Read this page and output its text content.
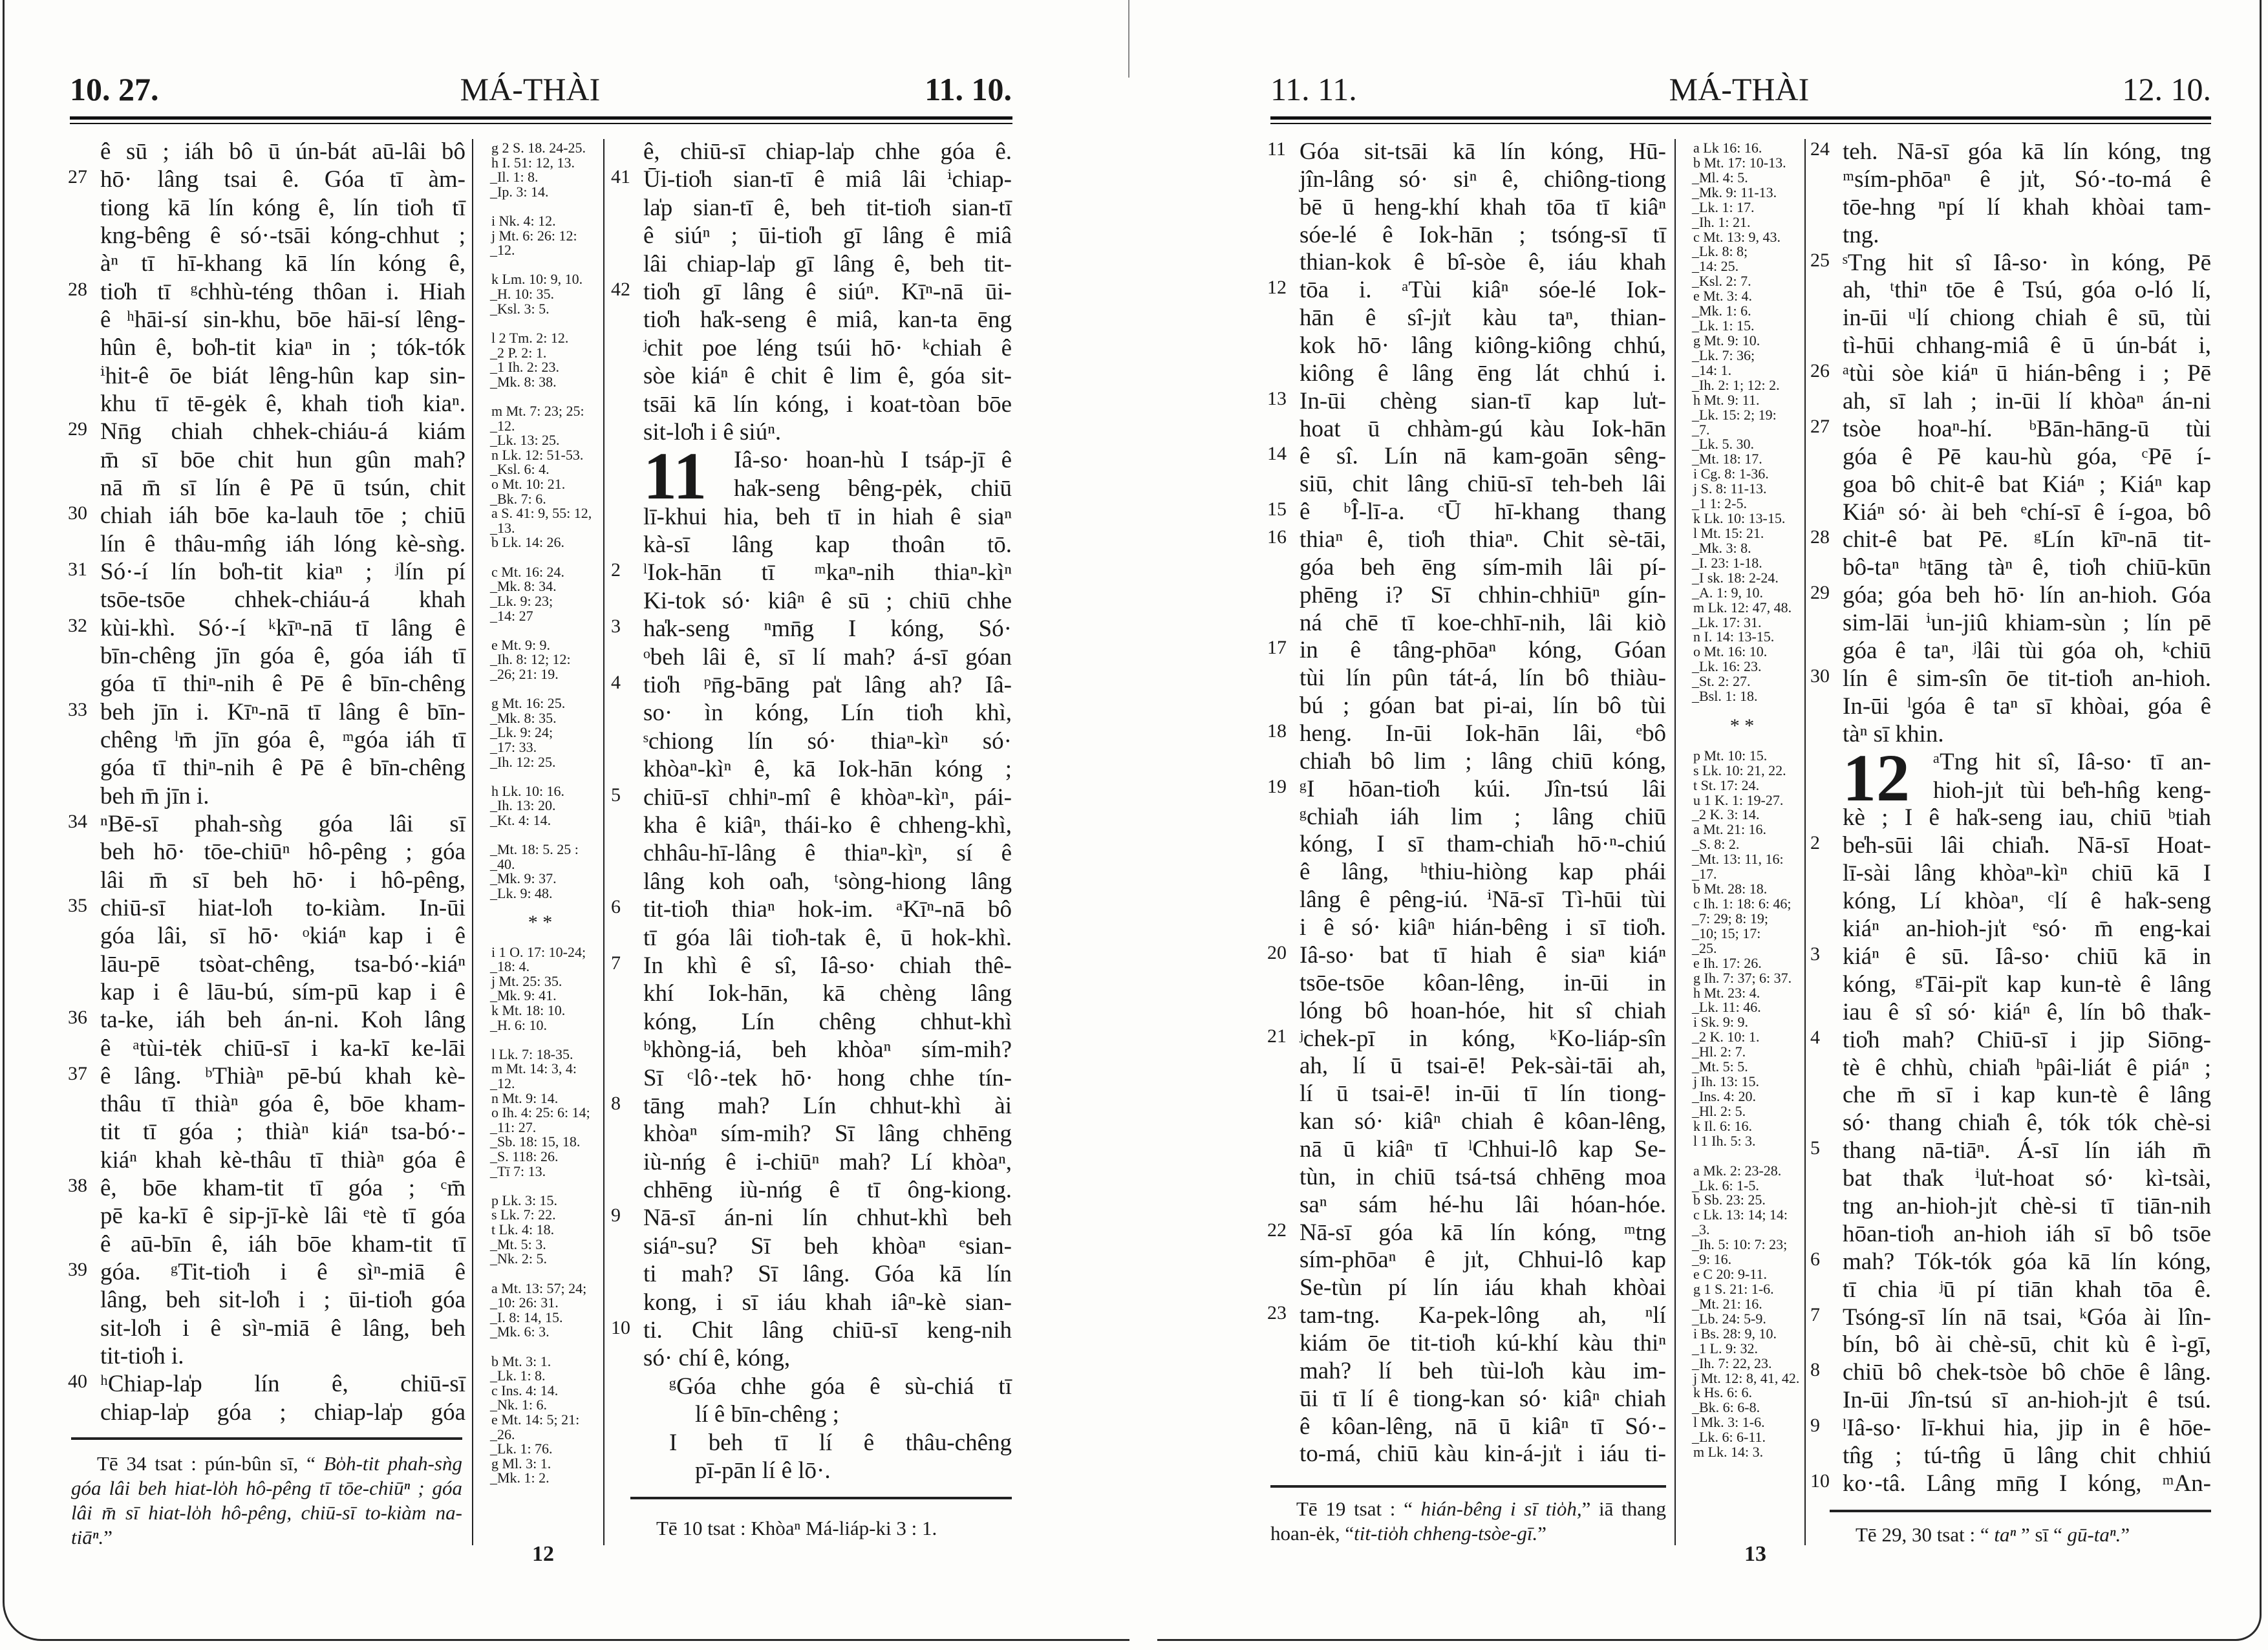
10. 27.	MÁ-THÀI	11. 10.
ê sū ; iáh bô ū ún-bát aū-lâi bô
27 hō· lâng tsai ê. Góa tī àm-
tiong kā lín kóng ê, lín tio̍h tī
kng-bêng ê só·-tsāi kóng-chhut ;
àⁿ tī hī-khang kā lín kóng ê,
28 tio̍h tī ᵍchhù-téng thôan i. Hiah
ê ʰhāi-sí sin-khu, bōe hāi-sí lêng-
hûn ê, bo̍h-tit kiaⁿ in ; tók-tók
ⁱhit-ê ōe biát lêng-hûn kap sin-
khu tī tē-gėk ê, khah tio̍h kiaⁿ.
29 Nn̄g chiah chhek-chiáu-á kiám
m̄ sī bōe chit hun gûn mah?
nā m̄ sī lín ê Pē ū tsún, chit
30 chiah iáh bōe ka-lauh tōe ; chiū
lín ê thâu-mn̂g iáh lóng kè-sǹg.
31 Só·-í lín bo̍h-tit kiaⁿ ; ʲlín pí
tsōe-tsōe chhek-chiáu-á khah
32 kùi-khì. Só·-í ᵏkīⁿ-nā tī lâng ê
bīn-chêng jīn góa ê, góa iáh tī
góa tī thiⁿ-nih ê Pē ê bīn-chêng
33 beh jīn i. Kīⁿ-nā tī lâng ê bīn-
chêng ˡm̄ jīn góa ê, ᵐgóa iáh tī
góa tī thiⁿ-nih ê Pē ê bīn-chêng
beh m̄ jīn i.
34 ⁿBē-sī phah-sǹg góa lâi sī
beh hō· tōe-chiūⁿ hô-pêng ; góa
lâi m̄ sī beh hō· i hô-pêng,
35 chiū-sī hiat-lo̍h to-kiàm. In-ūi
góa lâi, sī hō· ᵒkiáⁿ kap i ê
lāu-pē tsòat-chêng, tsa-bó·-kiáⁿ
kap i ê lāu-bú, sím-pū kap i ê
36 ta-ke, iáh beh án-ni. Koh lâng
ê ᵃtùi-tėk chiū-sī i ka-kī ke-lāi
37 ê lâng. ᵇThiàⁿ pē-bú khah kè-
thâu tī thiàⁿ góa ê, bōe kham-
tit tī góa ; thiàⁿ kiáⁿ tsa-bó·-
kiáⁿ khah kè-thâu tī thiàⁿ góa ê
38 ê, bōe kham-tit tī góa ; ᶜm̄
pē ka-kī ê sip-jī-kè lâi ᵉtè tī góa
ê aū-bīn ê, iáh bōe kham-tit tī
39 góa. ᵍTit-tio̍h i ê sìⁿ-miā ê
lâng, beh sit-lo̍h i ; ūi-tio̍h góa
sit-lo̍h i ê sìⁿ-miā ê lâng, beh
tit-tio̍h i.
40 ʰChiap-la̍p lín ê, chiū-sī
chiap-la̍p góa ; chiap-la̍p góa
g 2 S. 18. 24-25.
h I. 51: 12, 13.
_Il. 1: 8.
_Ip. 3: 14.

i Nk. 4: 12.
j Mt. 6: 26: 12:
_12.

k Lm. 10: 9, 10.
_H. 10: 35.
_Ksl. 3: 5.

l 2 Tm. 2: 12.
_2 P. 2: 1.
_1 Ih. 2: 23.
_Mk. 8: 38.

m Mt. 7: 23; 25:
_12.
_Lk. 13: 25.
n Lk. 12: 51-53.
_Ksl. 6: 4.
o Mt. 10: 21.
_Bk. 7: 6.
a S. 41: 9, 55: 12,
_13.
b Lk. 14: 26.

c Mt. 16: 24.
_Mk. 8: 34.
_Lk. 9: 23;
_14: 27

e Mt. 9: 9.
_Ih. 8: 12; 12:
_26; 21: 19.

g Mt. 16: 25.
_Mk. 8: 35.
_Lk. 9: 24;
_17: 33.
_Ih. 12: 25.

h Lk. 10: 16.
_Ih. 13: 20.
_Kt. 4: 14.

_Mt. 18: 5. 25 :
_40.
_Mk. 9: 37.
_Lk. 9: 48.

* *

i 1 O. 17: 10-24;
_18: 4.
j Mt. 25: 35.
_Mk. 9: 41.
k Mt. 18: 10.
_H. 6: 10.

l Lk. 7: 18-35.
m Mt. 14: 3, 4:
_12.
n Mt. 9: 14.
o Ih. 4: 25: 6: 14;
_11: 27.
_Sb. 18: 15, 18.
_S. 118: 26.
_Tī 7: 13.

p Lk. 3: 15.
s Lk. 7: 22.
t Lk. 4: 18.
_Mt. 5: 3.
_Nk. 2: 5.

a Mt. 13: 57; 24;
_10: 26: 31.
_I. 8: 14, 15.
_Mk. 6: 3.

b Mt. 3: 1.
_Lk. 1: 8.
c Ins. 4: 14.
_Nk. 1: 6.
e Mt. 14: 5; 21:
_26.
_Lk. 1: 76.
g Ml. 3: 1.
_Mk. 1: 2.
ê, chiū-sī chiap-la̍p chhe góa ê.
41 Ūi-tio̍h sian-tī ê miâ lâi ⁱchiap-
la̍p sian-tī ê, beh tit-tio̍h sian-tī
ê siúⁿ ; ūi-tio̍h gī lâng ê miâ
lâi chiap-la̍p gī lâng ê, beh tit-
42 tio̍h gī lâng ê siúⁿ. Kīⁿ-nā ūi-
tio̍h ha̍k-seng ê miâ, kan-ta ēng
ʲchit poe léng tsúi hō· ᵏchiah ê
sòe kiáⁿ ê chit ê lim ê, góa sit-
tsāi kā lín kóng, i koat-tòan bōe
sit-lo̍h i ê siúⁿ.
11 Iâ-so· hoan-hù I tsáp-jī ê
ha̍k-seng bêng-pėk, chiū
lī-khui hia, beh tī in hiah ê siaⁿ
kà-sī lâng kap thoân tō.
2 ˡIok-hān tī ᵐkaⁿ-nih thiaⁿ-kìⁿ
Ki-tok só· kiâⁿ ê sū ; chiū chhe
3 ha̍k-seng ⁿmn̄g I kóng, Só·
ᵒbeh lâi ê, sī lí mah? á-sī góan
4 tio̍h ᵖn̄g-bāng pa̍t lâng ah? Iâ-
so· ìn kóng, Lín tio̍h khì,
ˢchiong lín só· thiaⁿ-kìⁿ só·
khòaⁿ-kìⁿ ê, kā Iok-hān kóng ;
5 chiū-sī chhiⁿ-mî ê khòaⁿ-kìⁿ, pái-
kha ê kiâⁿ, thái-ko ê chheng-khì,
chhâu-hī-lâng ê thiaⁿ-kìⁿ, sí ê
lâng koh oa̍h, ᵗsòng-hiong lâng
6 tit-tio̍h thiaⁿ hok-im. ᵃKīⁿ-nā bô
tī góa lâi tio̍h-tak ê, ū hok-khì.
7 In khì ê sî, Iâ-so· chiah thê-
khí Iok-hān, kā chèng lâng
kóng, Lín chêng chhut-khì
ᵇkhòng-iá, beh khòaⁿ sím-mih?
Sī ᶜlô·-tek hō· hong chhe tín-
8 tāng mah? Lín chhut-khì ài
khòaⁿ sím-mih? Sī lâng chhēng
iù-nńg ê i-chiūⁿ mah? Lí khòaⁿ,
chhēng iù-nńg ê tī ông-kiong.
9 Nā-sī án-ni lín chhut-khì beh
siáⁿ-su? Sī beh khòaⁿ ᵉsian-
ti mah? Sī lâng. Góa kā lín
kong, i sī iáu khah iâⁿ-kè sian-
10 ti. Chit lâng chiū-sī keng-nih
só· chí ê, kóng,
ᵍGóa chhe góa ê sù-chiá tī
lí ê bīn-chêng ;
I beh tī lí ê thâu-chêng
pī-pān lí ê lō·.
Tē 34 tsat : pún-bûn sī, “ Bo̍h-tit phah-sǹg góa lâi beh hiat-lo̍h hô-pêng tī tōe-chiūⁿ ; góa lâi m̄ sī hiat-lo̍h hô-pêng, chiū-sī to-kiàm na-tiāⁿ.”	Tē 10 tsat : Khòaⁿ Má-liáp-ki 3 : 1.
12
11. 11.	MÁ-THÀI	12. 10.
11 Góa sit-tsāi kā lín kóng, Hū-
jîn-lâng só· siⁿ ê, chiông-tiong
bē ū heng-khí khah tōa tī kiâⁿ
sóe-lé ê Iok-hān ; tsóng-sī tī
thian-kok ê bî-sòe ê, iáu khah
12 tōa i. ᵃTùi kiâⁿ sóe-lé Iok-
hān ê sî-jı̍t kàu taⁿ, thian-
kok hō· lâng kiông-kiông chhú,
kiông ê lâng ēng lát chhú i.
13 In-ūi chèng sian-tī kap lu̍t-
hoat ū chhàm-gú kàu Iok-hān
14 ê sî. Lín nā kam-goān sêng-
siū, chit lâng chiū-sī teh-beh lâi
15 ê ᵇÎ-lī-a. ᶜŪ hī-khang thang
16 thiaⁿ ê, tio̍h thiaⁿ. Chit sè-tāi,
góa beh ēng sím-mih lâi pí-
phēng i? Sī chhin-chhiūⁿ gín-
ná chē tī koe-chhī-nih, lâi kiò
17 in ê tâng-phōaⁿ kóng, Góan
tùi lín pûn tát-á, lín bô thiàu-
bú ; góan bat pi-ai, lín bô tùi
18 heng. In-ūi Iok-hān lâi, ᵉbô
chia̍h bô lim ; lâng chiū kóng,
19 ᵍI hōan-tio̍h kúi. Jîn-tsú lâi
ᵍchia̍h iáh lim ; lâng chiū
kóng, I sī tham-chia̍h hō·ⁿ-chiú
ê lâng, ʰthiu-hiòng kap phái
lâng ê pêng-iú. ⁱNā-sī Tì-hūi tùi
i ê só· kiâⁿ hián-bêng i sī tio̍h.
20 Iâ-so· bat tī hiah ê siaⁿ kiáⁿ
tsōe-tsōe kôan-lêng, in-ūi in
lóng bô hoan-hóe, hit sî chiah
21 ʲchek-pī in kóng, ᵏKo-liáp-sîn
ah, lí ū tsai-ē! Pek-sài-tāi ah,
lí ū tsai-ē! in-ūi tī lín tiong-
kan só· kiâⁿ chiah ê kôan-lêng,
nā ū kiâⁿ tī ˡChhui-lô kap Se-
tùn, in chiū tsá-tsá chhēng moa
saⁿ sám hé-hu lâi hóan-hóe.
22 Nā-sī góa kā lín kóng, ᵐtng
sím-phōaⁿ ê jı̍t, Chhui-lô kap
Se-tùn pí lín iáu khah khòai
23 tam-tng. Ka-pek-lông ah, ⁿlí
kiám ōe tit-tio̍h kú-khí kàu thiⁿ
mah? lí beh tùi-lo̍h kàu im-
ūi tī lí ê tiong-kan só· kiâⁿ chiah
ê kôan-lêng, nā ū kiâⁿ tī Só·-
to-má, chiū kàu kin-á-jı̍t i iáu ti-
a Lk 16: 16.
b Mt. 17: 10-13.
_Ml. 4: 5.
_Mk. 9: 11-13.
_Lk. 1: 17.
_Ih. 1: 21.
c Mt. 13: 9, 43.
_Lk. 8: 8;
_14: 25.
_Ksl. 2: 7.
e Mt. 3: 4.
_Mk. 1: 6.
_Lk. 1: 15.
g Mt. 9: 10.
_Lk. 7: 36;
_14: 1.
_Ih. 2: 1; 12: 2.
h Mt. 9: 11.
_Lk. 15: 2; 19:
_7.
_Lk. 5. 30.
_Mt. 18: 17.
i Cg. 8: 1-36.
j S. 8: 11-13.
_1 1: 2-5.
k Lk. 10: 13-15.
l Mt. 15: 21.
_Mk. 3: 8.
_I. 23: 1-18.
_I sk. 18: 2-24.
_A. 1: 9, 10.
m Lk. 12: 47, 48.
_Lk. 17: 31.
n I. 14: 13-15.
o Mt. 16: 10.
_Lk. 16: 23.
_St. 2: 27.
_Bsl. 1: 18.

* *

p Mt. 10: 15.
s Lk. 10: 21, 22.
t St. 17: 24.
u 1 K. 1: 19-27.
_2 K. 3: 14.
a Mt. 21: 16.
_S. 8: 2.
_Mt. 13: 11, 16:
_17.
b Mt. 28: 18.
c Ih. 1: 18: 6: 46;
_7: 29; 8: 19;
_10; 15; 17:
_25.
e Ih. 17: 26.
g Ih. 7: 37; 6: 37.
h Mt. 23: 4.
_Lk. 11: 46.
i Sk. 9: 9.
_2 K. 10: 1.
_Hl. 2: 7.
_Mt. 5: 5.
j Ih. 13: 15.
_Ins. 4: 20.
_Hl. 2: 5.
k Il. 6: 16.
l 1 Ih. 5: 3.

a Mk. 2: 23-28.
_Lk. 6: 1-5.
b Sb. 23: 25.
c Lk. 13: 14; 14:
_3.
_Ih. 5: 10: 7: 23;
_9: 16.
e C 20: 9-11.
g 1 S. 21: 1-6.
_Mt. 21: 16.
_Lb. 24: 5-9.
i Bs. 28: 9, 10.
_1 L. 9: 32.
_Ih. 7: 22, 23.
j Mt. 12: 8, 41, 42.
k Hs. 6: 6.
_Bk. 6: 6-8.
l Mk. 3: 1-6.
_Lk. 6: 6-11.
m Lk. 14: 3.
24 teh. Nā-sī góa kā lín kóng, tng
ᵐsím-phōaⁿ ê jı̍t, Só·-to-má ê
tōe-hng ⁿpí lí khah khòai tam-
tng.
25 ˢTng hit sî Iâ-so· ìn kóng, Pē
ah, ᵗthiⁿ tōe ê Tsú, góa o-ló lí,
in-ūi ᵘlí chiong chiah ê sū, tùi
tì-hūi chhang-miâ ê ū ún-bát i,
26 ᵃtùi sòe kiáⁿ ū hián-bêng i ; Pē
ah, sī lah ; in-ūi lí khòaⁿ án-ni
27 tsòe hoaⁿ-hí. ᵇBān-hāng-ū tùi
góa ê Pē kau-hù góa, ᶜPē í-
goa bô chit-ê bat Kiáⁿ ; Kiáⁿ kap
Kiáⁿ só· ài beh ᵉchí-sī ê í-goa, bô
28 chit-ê bat Pē. ᵍLín kīⁿ-nā tit-
bô-taⁿ ʰtāng tàⁿ ê, tio̍h chiū-kūn
29 góa; góa beh hō· lín an-hioh. Góa
sim-lāi ⁱun-jiû khiam-sùn ; lín pē
góa ê taⁿ, ʲlâi tùi góa oh, ᵏchiū
30 lín ê sim-sîn ōe tit-tio̍h an-hioh.
In-ūi ˡgóa ê taⁿ sī khòai, góa ê
tàⁿ sī khin.
12 ᵃTng hit sî, Iâ-so· tī an-
hioh-jı̍t tùi be̍h-hn̂g keng-
kè ; I ê ha̍k-seng iau, chiū ᵇtiah
2 be̍h-sūi lâi chia̍h. Nā-sī Hoat-
lī-sài lâng khòaⁿ-kìⁿ chiū kā I
kóng, Lí khòaⁿ, ᶜlí ê ha̍k-seng
kiáⁿ an-hioh-jı̍t ᵉsó· m̄ eng-kai
3 kiáⁿ ê sū. Iâ-so· chiū kā in
kóng, ᵍTāi-pi̍t kap kun-tè ê lâng
iau ê sî só· kiáⁿ ê, lín bô tha̍k-
4 tio̍h mah? Chiū-sī i jip Siōng-
tè ê chhù, chia̍h ʰpâi-liát ê piáⁿ ;
che m̄ sī i kap kun-tè ê lâng
só· thang chia̍h ê, tók tók chè-si
5 thang nā-tiāⁿ. Á-sī lín iáh m̄
bat tha̍k ⁱlu̍t-hoat só· kì-tsài,
tng an-hioh-jı̍t chè-si tī tiān-nih
hōan-tio̍h an-hioh iáh sī bô tsōe
6 mah? Tók-tók góa kā lín kóng,
tī chia ʲū pí tiān khah tōa ê.
7 Tsóng-sī lín nā tsai, ᵏGóa ài lîn-
bín, bô ài chè-sū, chit kù ê ì-gī,
8 chiū bô chek-tsòe bô chōe ê lâng.
In-ūi Jîn-tsú sī an-hioh-jı̍t ê tsú.
9 ˡIâ-so· lī-khui hia, jip in ê hōe-
tn̂g ; tú-tn̂g ū lâng chit chhiú
10 ko·-tâ. Lâng mn̄g I kóng, ᵐAn-
Tē 19 tsat : “ hián-bêng i sī tio̍h,” iā thang hoan-ėk, “tit-tio̍h chheng-tsòe-gī.”	Tē 29, 30 tsat : “ taⁿ ” sī “ gū-taⁿ.”
13
